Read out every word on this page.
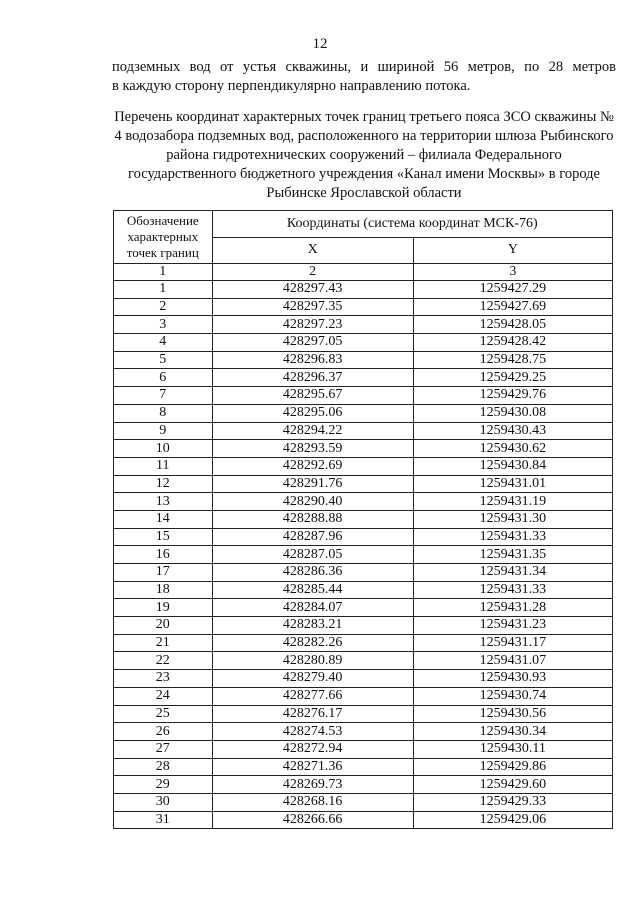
12
подземных вод от устья скважины, и шириной 56 метров, по 28 метров
в каждую сторону перпендикулярно направлению потока.
Перечень координат характерных точек границ третьего пояса ЗСО скважины № 4 водозабора подземных вод, расположенного на территории шлюза Рыбинского района гидротехнических сооружений – филиала Федерального государственного бюджетного учреждения «Канал имени Москвы» в городе Рыбинске Ярославской области
Обозначение характерных точек границ	Координаты (система координат МСК-76)	
	X	Y
1	2	3
1	428297.43	1259427.29
2	428297.35	1259427.69
3	428297.23	1259428.05
4	428297.05	1259428.42
5	428296.83	1259428.75
6	428296.37	1259429.25
7	428295.67	1259429.76
8	428295.06	1259430.08
9	428294.22	1259430.43
10	428293.59	1259430.62
11	428292.69	1259430.84
12	428291.76	1259431.01
13	428290.40	1259431.19
14	428288.88	1259431.30
15	428287.96	1259431.33
16	428287.05	1259431.35
17	428286.36	1259431.34
18	428285.44	1259431.33
19	428284.07	1259431.28
20	428283.21	1259431.23
21	428282.26	1259431.17
22	428280.89	1259431.07
23	428279.40	1259430.93
24	428277.66	1259430.74
25	428276.17	1259430.56
26	428274.53	1259430.34
27	428272.94	1259430.11
28	428271.36	1259429.86
29	428269.73	1259429.60
30	428268.16	1259429.33
31	428266.66	1259429.06
